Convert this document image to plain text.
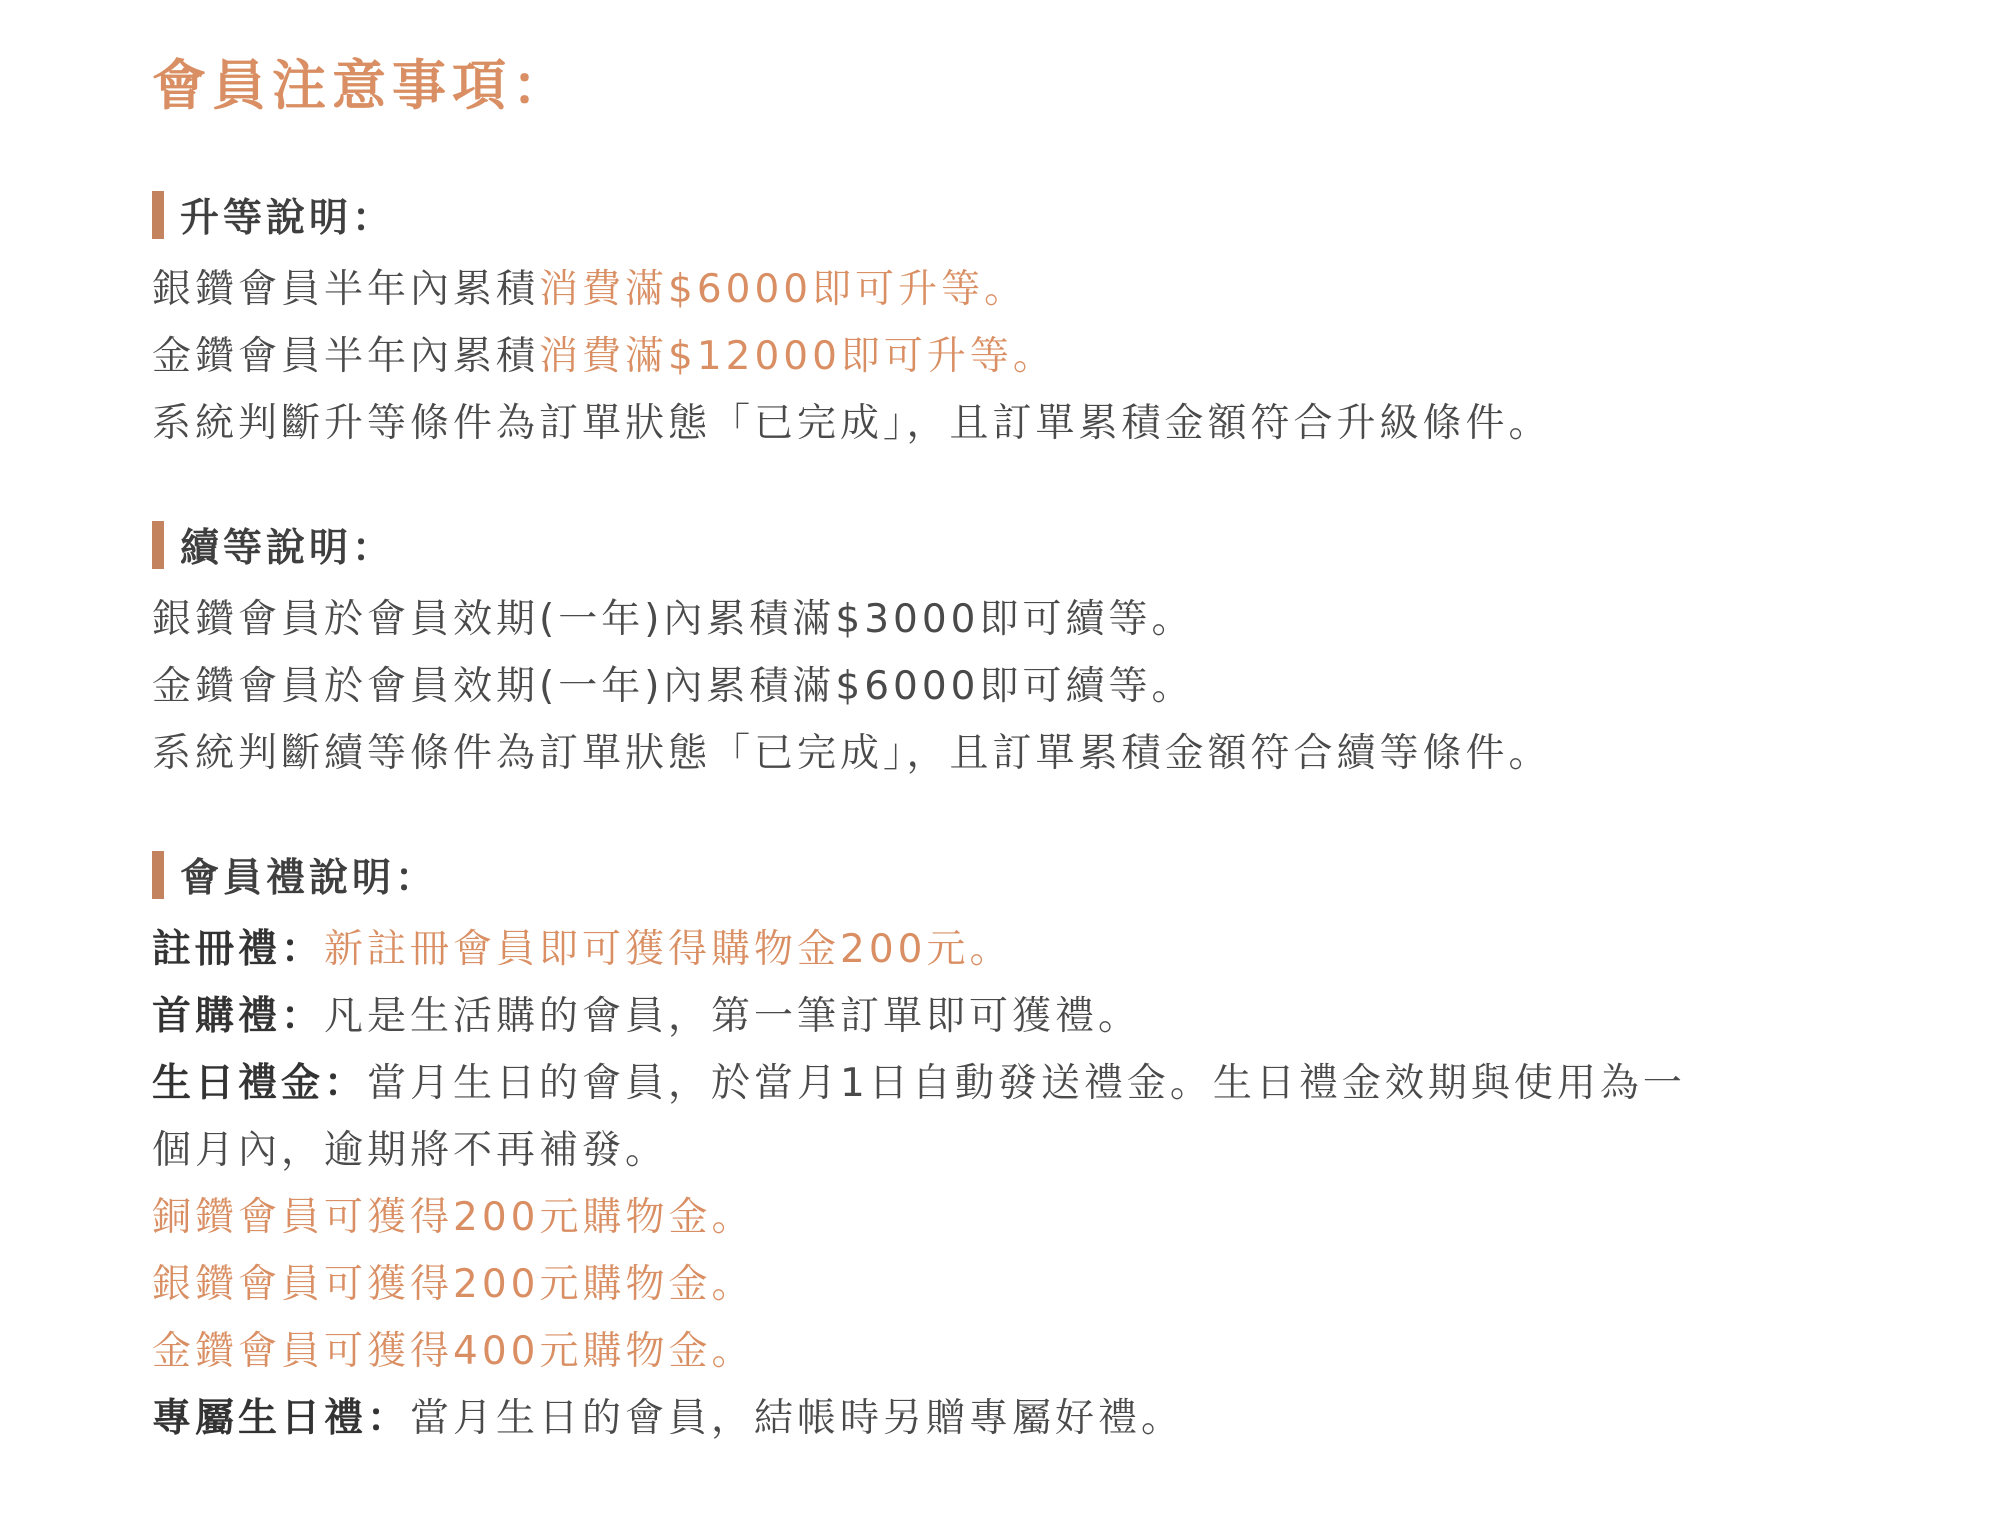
會員注意事項：
升等說明：
銀鑽會員半年內累積消費滿$6000即可升等。
金鑽會員半年內累積消費滿$12000即可升等。
系統判斷升等條件為訂單狀態「已完成」，且訂單累積金額符合升級條件。
續等說明：
銀鑽會員於會員效期(一年)內累積滿$3000即可續等。
金鑽會員於會員效期(一年)內累積滿$6000即可續等。
系統判斷續等條件為訂單狀態「已完成」，且訂單累積金額符合續等條件。
會員禮說明：
註冊禮：新註冊會員即可獲得購物金200元。
首購禮：凡是生活購的會員，第一筆訂單即可獲禮。
生日禮金：當月生日的會員，於當月1日自動發送禮金。生日禮金效期與使用為一
個月內，逾期將不再補發。
銅鑽會員可獲得200元購物金。
銀鑽會員可獲得200元購物金。
金鑽會員可獲得400元購物金。
專屬生日禮：當月生日的會員，結帳時另贈專屬好禮。
